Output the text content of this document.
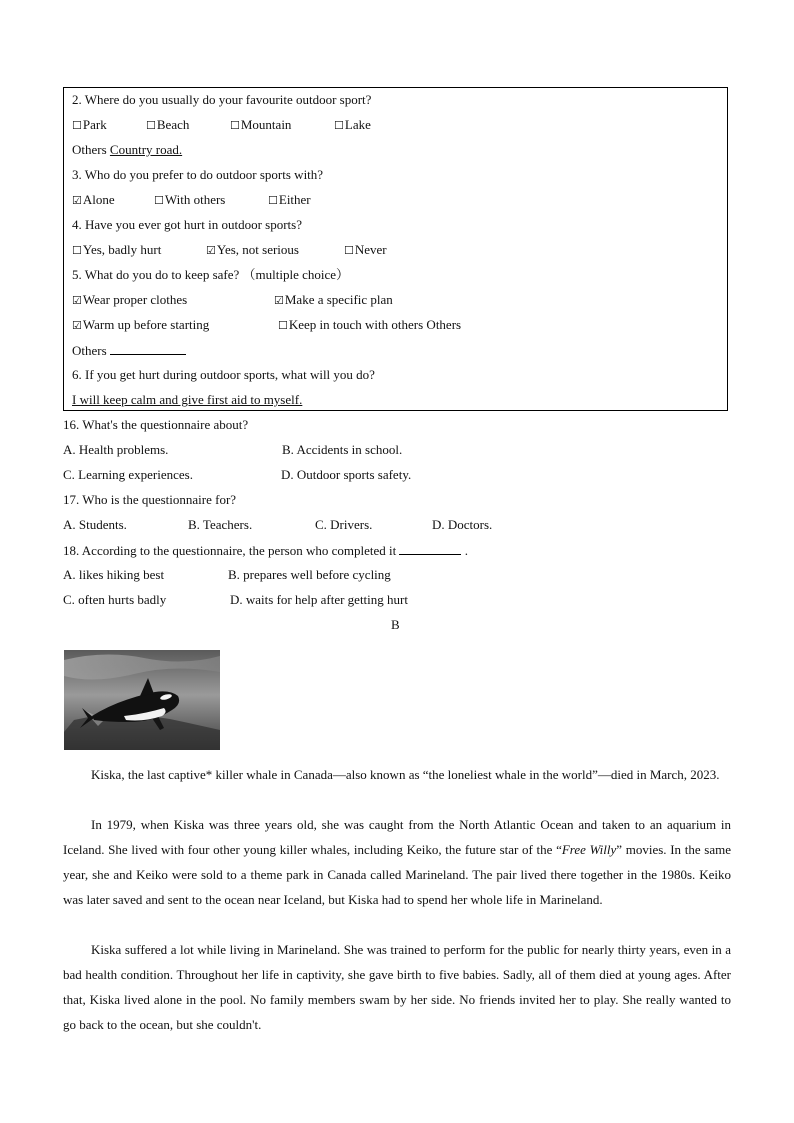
2. Where do you usually do your favourite outdoor sport?
☐Park	☐Beach	☐Mountain	☐Lake
Others Country road.
3. Who do you prefer to do outdoor sports with?
☑Alone	☐With others	☐Either
4. Have you ever got hurt in outdoor sports?
☐Yes, badly hurt	☑Yes, not serious	☐Never
5. What do you do to keep safe? （multiple choice）
☑Wear proper clothes	☑Make a specific plan
☑Warm up before starting	☐Keep in touch with others Others
Others
6. If you get hurt during outdoor sports, what will you do?
I will keep calm and give first aid to myself.
16. What's the questionnaire about?
A. Health problems.	B. Accidents in school.
C. Learning experiences.	D. Outdoor sports safety.
17. Who is the questionnaire for?
A. Students.	B. Teachers.	C. Drivers.	D. Doctors.
18. According to the questionnaire, the person who completed it	.
A. likes hiking best	B. prepares well before cycling
C. often hurts badly	D. waits for help after getting hurt
B
Kiska, the last captive* killer whale in Canada—also known as “the loneliest whale in the world”—died in March, 2023.
In 1979, when Kiska was three years old, she was caught from the North Atlantic Ocean and taken to an aquarium in Iceland. She lived with four other young killer whales, including Keiko, the future star of the “Free Willy” movies. In the same year, she and Keiko were sold to a theme park in Canada called Marineland. The pair lived there together in the 1980s. Keiko was later saved and sent to the ocean near Iceland, but Kiska had to spend her whole life in Marineland.
Kiska suffered a lot while living in Marineland. She was trained to perform for the public for nearly thirty years, even in a bad health condition. Throughout her life in captivity, she gave birth to five babies. Sadly, all of them died at young ages. After that, Kiska lived alone in the pool. No family members swam by her side. No friends invited her to play. She really wanted to go back to the ocean, but she couldn't.
